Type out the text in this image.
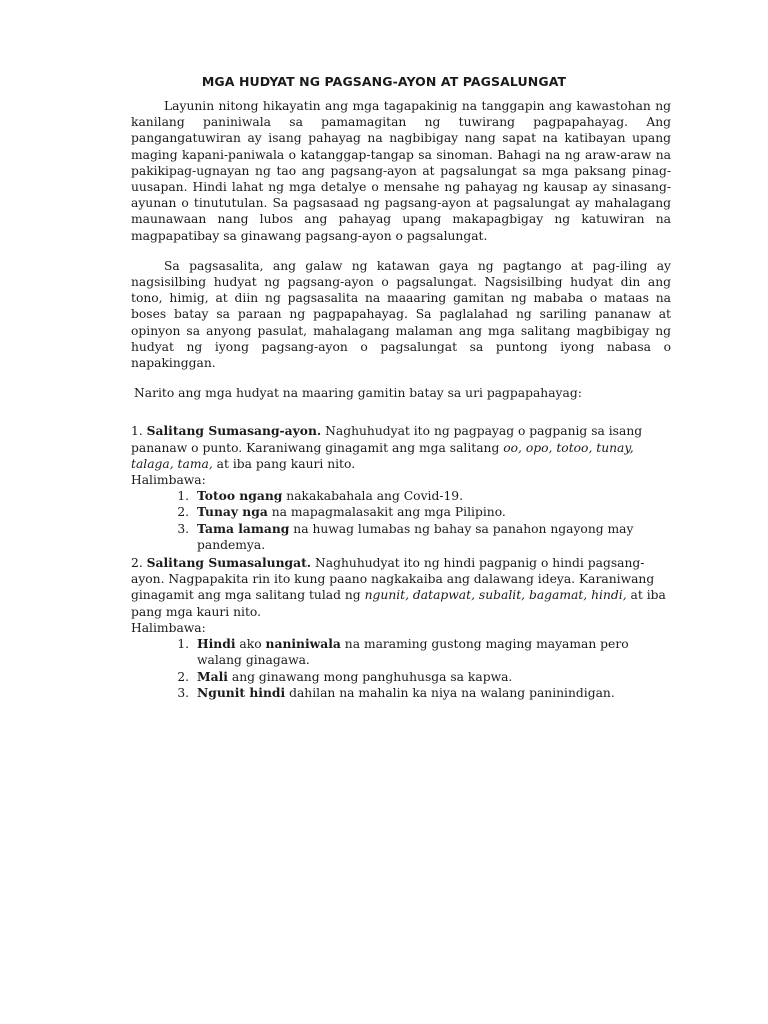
MGA HUDYAT NG PAGSANG-AYON AT PAGSALUNGAT

Layunin nitong hikayatin ang mga tagapakinig na tanggapin ang kawastohan ng kanilang paniniwala sa pamamagitan ng tuwirang pagpapahayag. Ang pangangatuwiran ay isang pahayag na nagbibigay nang sapat na katibayan upang maging kapani-paniwala o katanggap-tangap sa sinoman. Bahagi na ng araw-araw na pakikipag-ugnayan ng tao ang pagsang-ayon at pagsalungat sa mga paksang pinag-uusapan. Hindi lahat ng mga detalye o mensahe ng pahayag ng kausap ay sinasang-ayunan o tinututulan. Sa pagsasaad ng pagsang-ayon at pagsalungat ay mahalagang maunawaan nang lubos ang pahayag upang makapagbigay ng katuwiran na magpapatibay sa ginawang pagsang-ayon o pagsalungat.

Sa pagsasalita, ang galaw ng katawan gaya ng pagtango at pag-iling ay nagsisilbing hudyat ng pagsang-ayon o pagsalungat. Nagsisilbing hudyat din ang tono, himig, at diin ng pagsasalita na maaaring gamitan ng mababa o mataas na boses batay sa paraan ng pagpapahayag. Sa paglalahad ng sariling pananaw at opinyon sa anyong pasulat, mahalagang malaman ang mga salitang magbibigay ng hudyat ng iyong pagsang-ayon o pagsalungat sa puntong iyong nabasa o napakinggan.

Narito ang mga hudyat na maaring gamitin batay sa uri pagpapahayag:

1. Salitang Sumasang-ayon. Naghuhudyat ito ng pagpayag o pagpanig sa isang pananaw o punto. Karaniwang ginagamit ang mga salitang oo, opo, totoo, tunay, talaga, tama, at iba pang kauri nito.

Halimbawa:

1. Totoo ngang nakakabahala ang Covid-19.
2. Tunay nga na mapagmalasakit ang mga Pilipino.
3. Tama lamang na huwag lumabas ng bahay sa panahon ngayong may pandemya.

2. Salitang Sumasalungat. Naghuhudyat ito ng hindi pagpanig o hindi pagsang-ayon. Nagpapakita rin ito kung paano nagkakaiba ang dalawang ideya. Karaniwang ginagamit ang mga salitang tulad ng ngunit, datapwat, subalit, bagamat, hindi, at iba pang mga kauri nito.

Halimbawa:

1. Hindi ako naniniwala na maraming gustong maging mayaman pero walang ginagawa.
2. Mali ang ginawang mong panghuhusga sa kapwa.
3. Ngunit hindi dahilan na mahalin ka niya na walang paninindigan.
